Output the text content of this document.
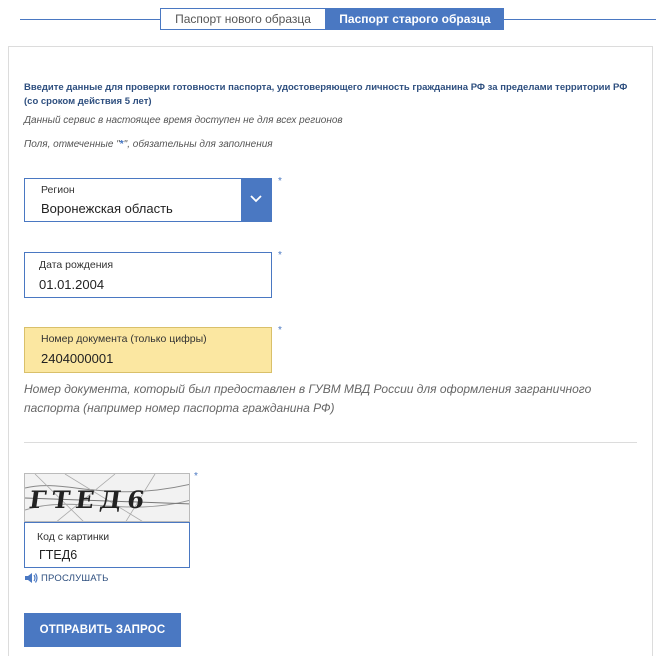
Паспорт нового образца	Паспорт старого образца
Введите данные для проверки готовности паспорта, удостоверяющего личность гражданина РФ за пределами территории РФ (со сроком действия 5 лет)
Данный сервис в настоящее время доступен не для всех регионов
Поля, отмеченные "*", обязательны для заполнения
Регион
Воронежская область
*
Дата рождения
01.01.2004
*
Номер документа (только цифры)
2404000001
*
Номер документа, который был предоставлен в ГУВМ МВД России для оформления заграничного паспорта (например номер паспорта гражданина РФ)
ГТЕД6
*
Код с картинки
ГТЕД6
ПРОСЛУШАТЬ
ОТПРАВИТЬ ЗАПРОС
